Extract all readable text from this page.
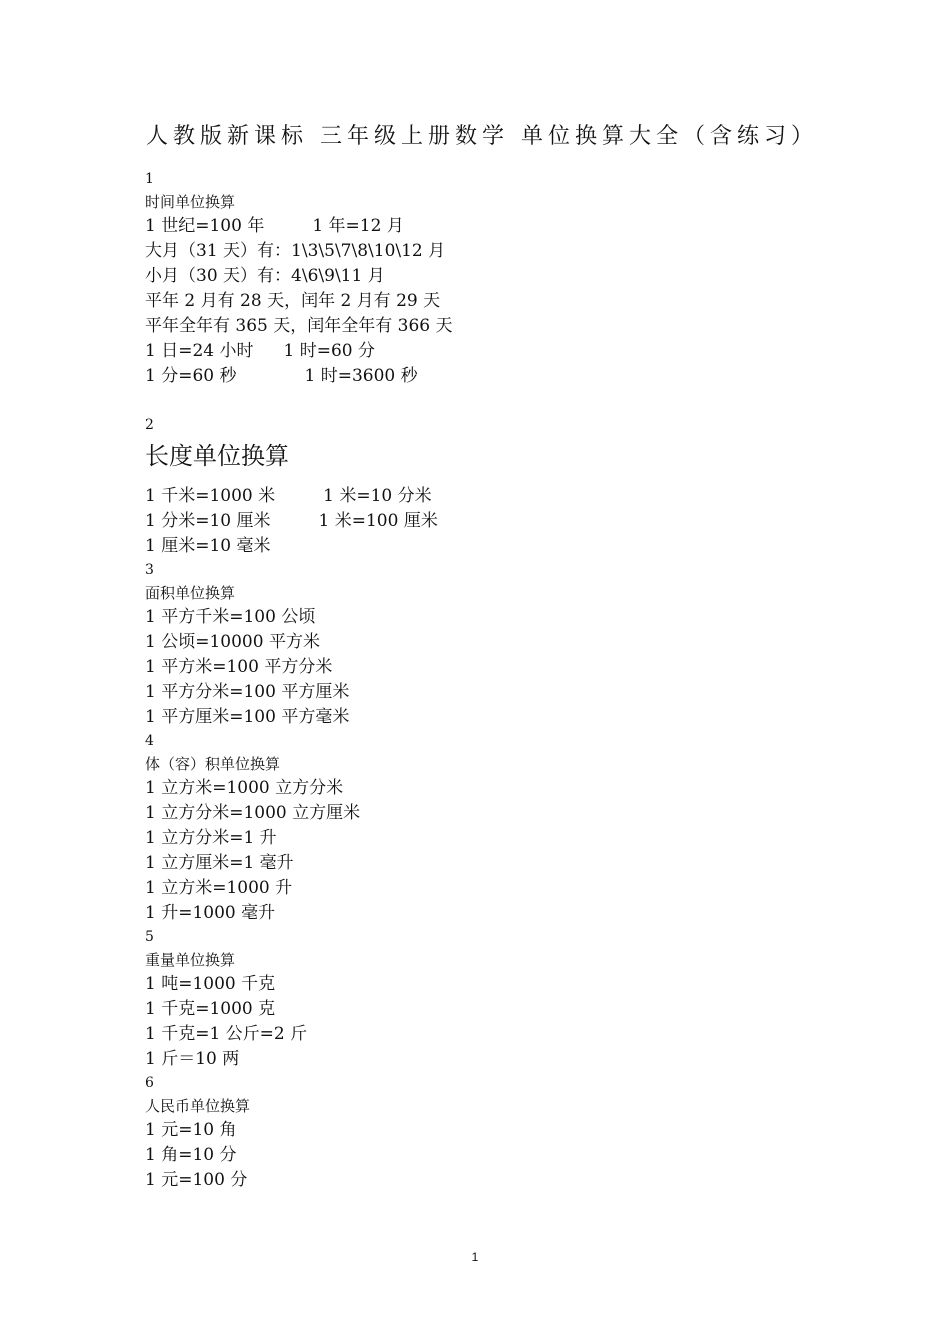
人教版新课标 三年级上册数学 单位换算大全（含练习）
1
时间单位换算
1 世纪=100 年	1 年=12 月
大月（31 天）有：1\3\5\7\8\10\12 月
小月（30 天）有：4\6\9\11 月
平年 2 月有 28 天，闰年 2 月有 29 天
平年全年有 365 天，闰年全年有 366 天
1 日=24 小时 1 时=60 分
1 分=60 秒	1 时=3600 秒
2
长度单位换算
1 千米=1000 米	1 米=10 分米
1 分米=10 厘米	1 米=100 厘米
1 厘米=10 毫米
3
面积单位换算
1 平方千米=100 公顷
1 公顷=10000 平方米
1 平方米=100 平方分米
1 平方分米=100 平方厘米
1 平方厘米=100 平方毫米
4
体（容）积单位换算
1 立方米=1000 立方分米
1 立方分米=1000 立方厘米
1 立方分米=1 升
1 立方厘米=1 毫升
1 立方米=1000 升
1 升=1000 毫升
5
重量单位换算
1 吨=1000 千克
1 千克=1000 克
1 千克=1 公斤=2 斤
1 斤＝10 两
6
人民币单位换算
1 元=10 角
1 角=10 分
1 元=100 分
1
